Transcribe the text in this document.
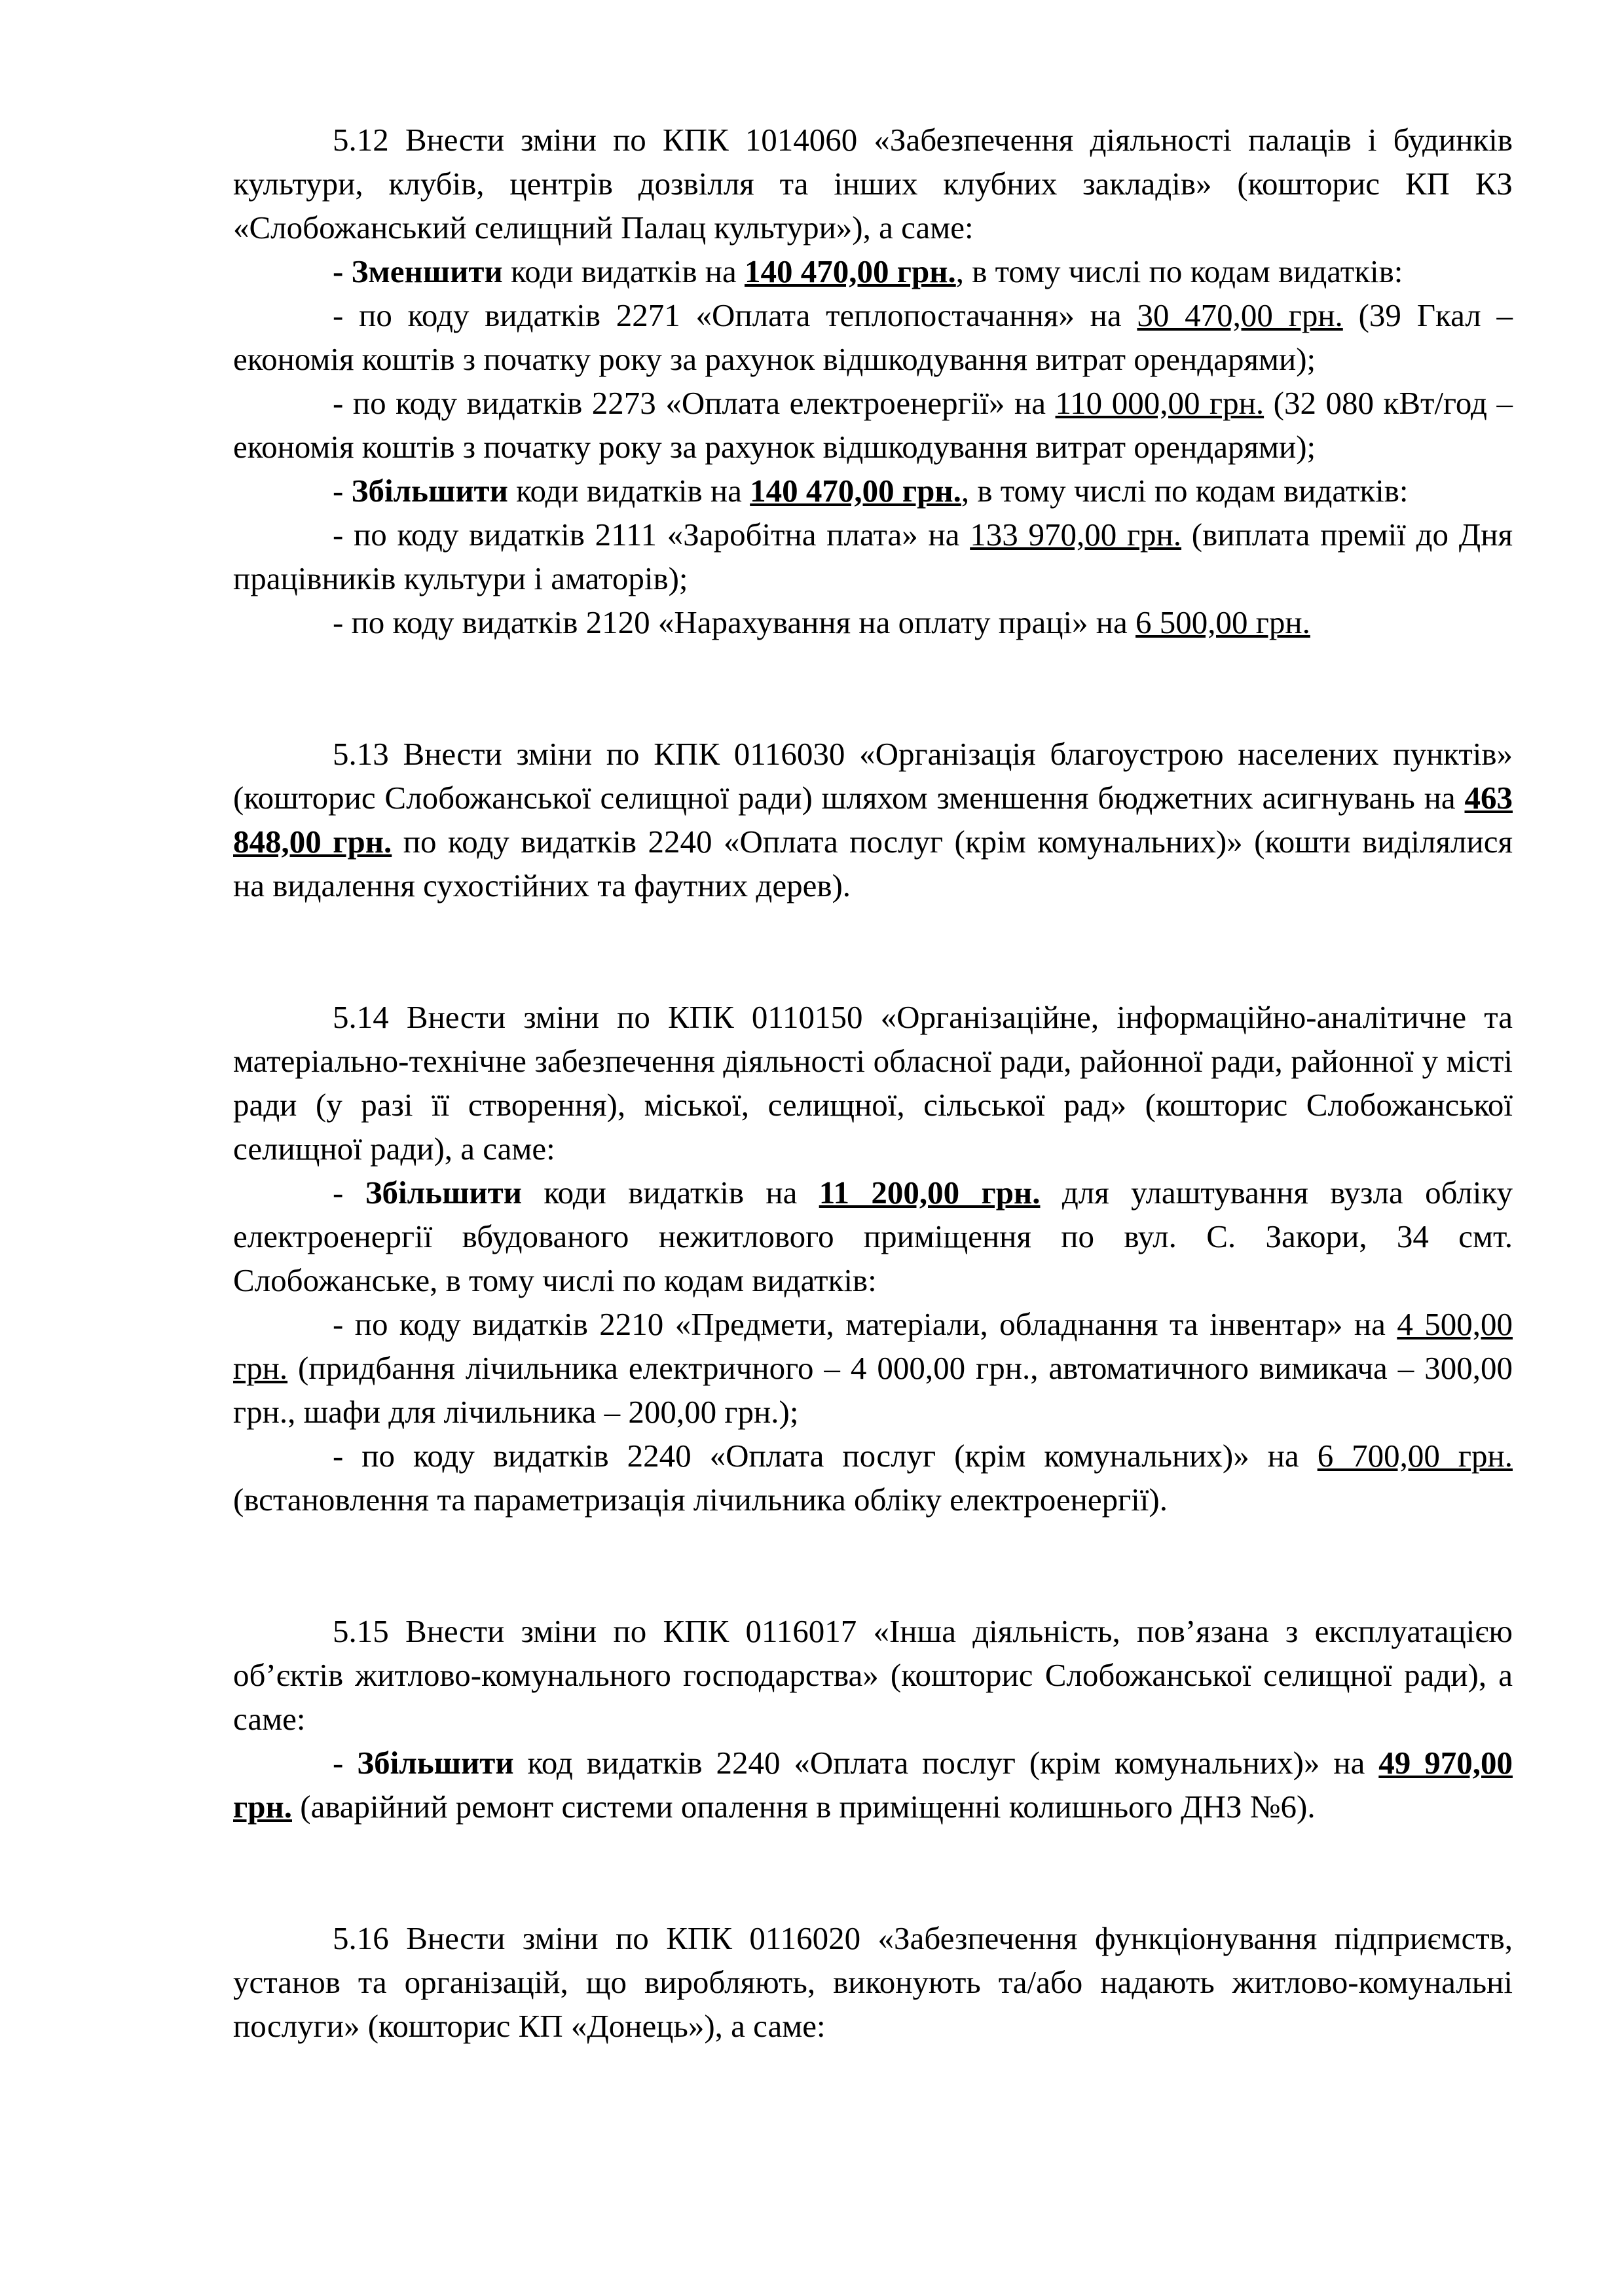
5.12 Внести зміни по КПК 1014060 «Забезпечення діяльності палаців і будинків культури, клубів, центрів дозвілля та інших клубних закладів» (кошторис КП КЗ «Слобожанський селищний Палац культури»), а саме:

- Зменшити коди видатків на 140 470,00 грн., в тому числі по кодам видатків:

- по коду видатків 2271 «Оплата теплопостачання» на 30 470,00 грн. (39 Гкал – економія коштів з початку року за рахунок відшкодування витрат орендарями);

- по коду видатків 2273 «Оплата електроенергії» на 110 000,00 грн. (32 080 кВт/год – економія коштів з початку року за рахунок відшкодування витрат орендарями);

- Збільшити коди видатків на 140 470,00 грн., в тому числі по кодам видатків:

- по коду видатків 2111 «Заробітна плата» на 133 970,00 грн. (виплата премії до Дня працівників культури і аматорів);

- по коду видатків 2120 «Нарахування на оплату праці» на 6 500,00 грн.

5.13 Внести зміни по КПК 0116030 «Організація благоустрою населених пунктів» (кошторис Слобожанської селищної ради) шляхом зменшення бюджетних асигнувань на 463 848,00 грн. по коду видатків 2240 «Оплата послуг (крім комунальних)» (кошти виділялися на видалення сухостійних та фаутних дерев).

5.14 Внести зміни по КПК 0110150 «Організаційне, інформаційно-аналітичне та матеріально-технічне забезпечення діяльності обласної ради, районної ради, районної у місті ради (у разі її створення), міської, селищної, сільської рад» (кошторис Слобожанської селищної ради), а саме:

- Збільшити коди видатків на 11 200,00 грн. для улаштування вузла обліку електроенергії вбудованого нежитлового приміщення по вул. С. Закори, 34 смт. Слобожанське, в тому числі по кодам видатків:

- по коду видатків 2210 «Предмети, матеріали, обладнання та інвентар» на 4 500,00 грн. (придбання лічильника електричного – 4 000,00 грн., автоматичного вимикача – 300,00 грн., шафи для лічильника – 200,00 грн.);

- по коду видатків 2240 «Оплата послуг (крім комунальних)» на 6 700,00 грн. (встановлення та параметризація лічильника обліку електроенергії).

5.15 Внести зміни по КПК 0116017 «Інша діяльність, пов’язана з експлуатацією об’єктів житлово-комунального господарства» (кошторис Слобожанської селищної ради), а саме:

- Збільшити код видатків 2240 «Оплата послуг (крім комунальних)» на 49 970,00 грн. (аварійний ремонт системи опалення в приміщенні колишнього ДНЗ №6).

5.16 Внести зміни по КПК 0116020 «Забезпечення функціонування підприємств, установ та організацій, що виробляють, виконують та/або надають житлово-комунальні послуги» (кошторис КП «Донець»), а саме:
